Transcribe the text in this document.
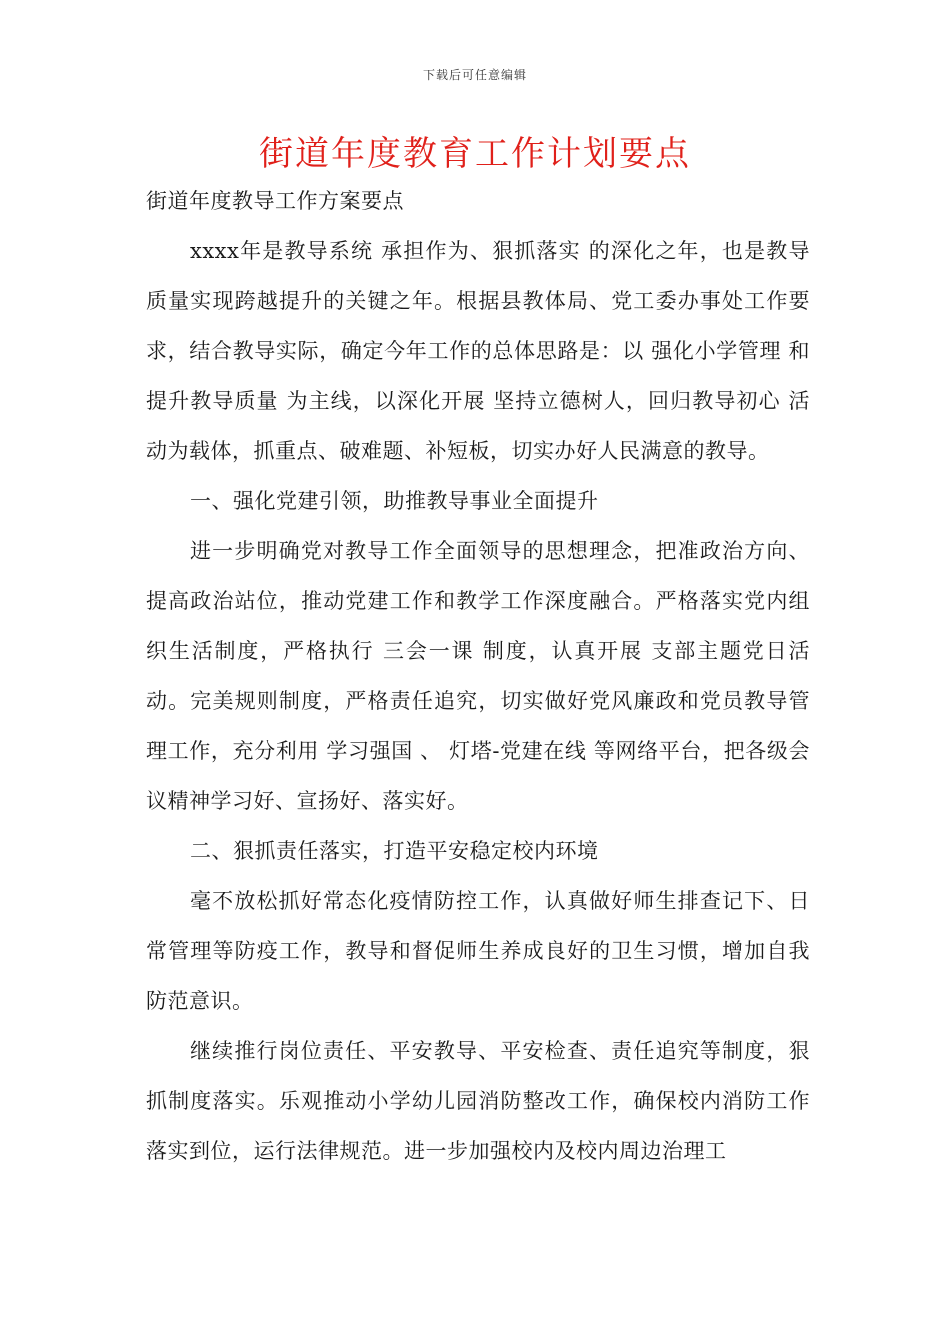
下载后可任意编辑
街道年度教育工作计划要点

街道年度教导工作方案要点

xxxx年是教导系统 承担作为、狠抓落实 的深化之年，也是教导质量实现跨越提升的关键之年。根据县教体局、党工委办事处工作要求，结合教导实际，确定今年工作的总体思路是：以 强化小学管理 和 提升教导质量 为主线，以深化开展 坚持立德树人，回归教导初心 活动为载体，抓重点、破难题、补短板，切实办好人民满意的教导。

一、强化党建引领，助推教导事业全面提升

进一步明确党对教导工作全面领导的思想理念，把准政治方向、提高政治站位，推动党建工作和教学工作深度融合。严格落实党内组织生活制度，严格执行 三会一课 制度，认真开展 支部主题党日活动。完美规则制度，严格责任追究，切实做好党风廉政和党员教导管理工作，充分利用 学习强国 、 灯塔-党建在线 等网络平台，把各级会议精神学习好、宣扬好、落实好。

二、狠抓责任落实，打造平安稳定校内环境

毫不放松抓好常态化疫情防控工作，认真做好师生排查记下、日常管理等防疫工作，教导和督促师生养成良好的卫生习惯，增加自我防范意识。

继续推行岗位责任、平安教导、平安检查、责任追究等制度，狠抓制度落实。乐观推动小学幼儿园消防整改工作，确保校内消防工作落实到位，运行法律规范。进一步加强校内及校内周边治理工
